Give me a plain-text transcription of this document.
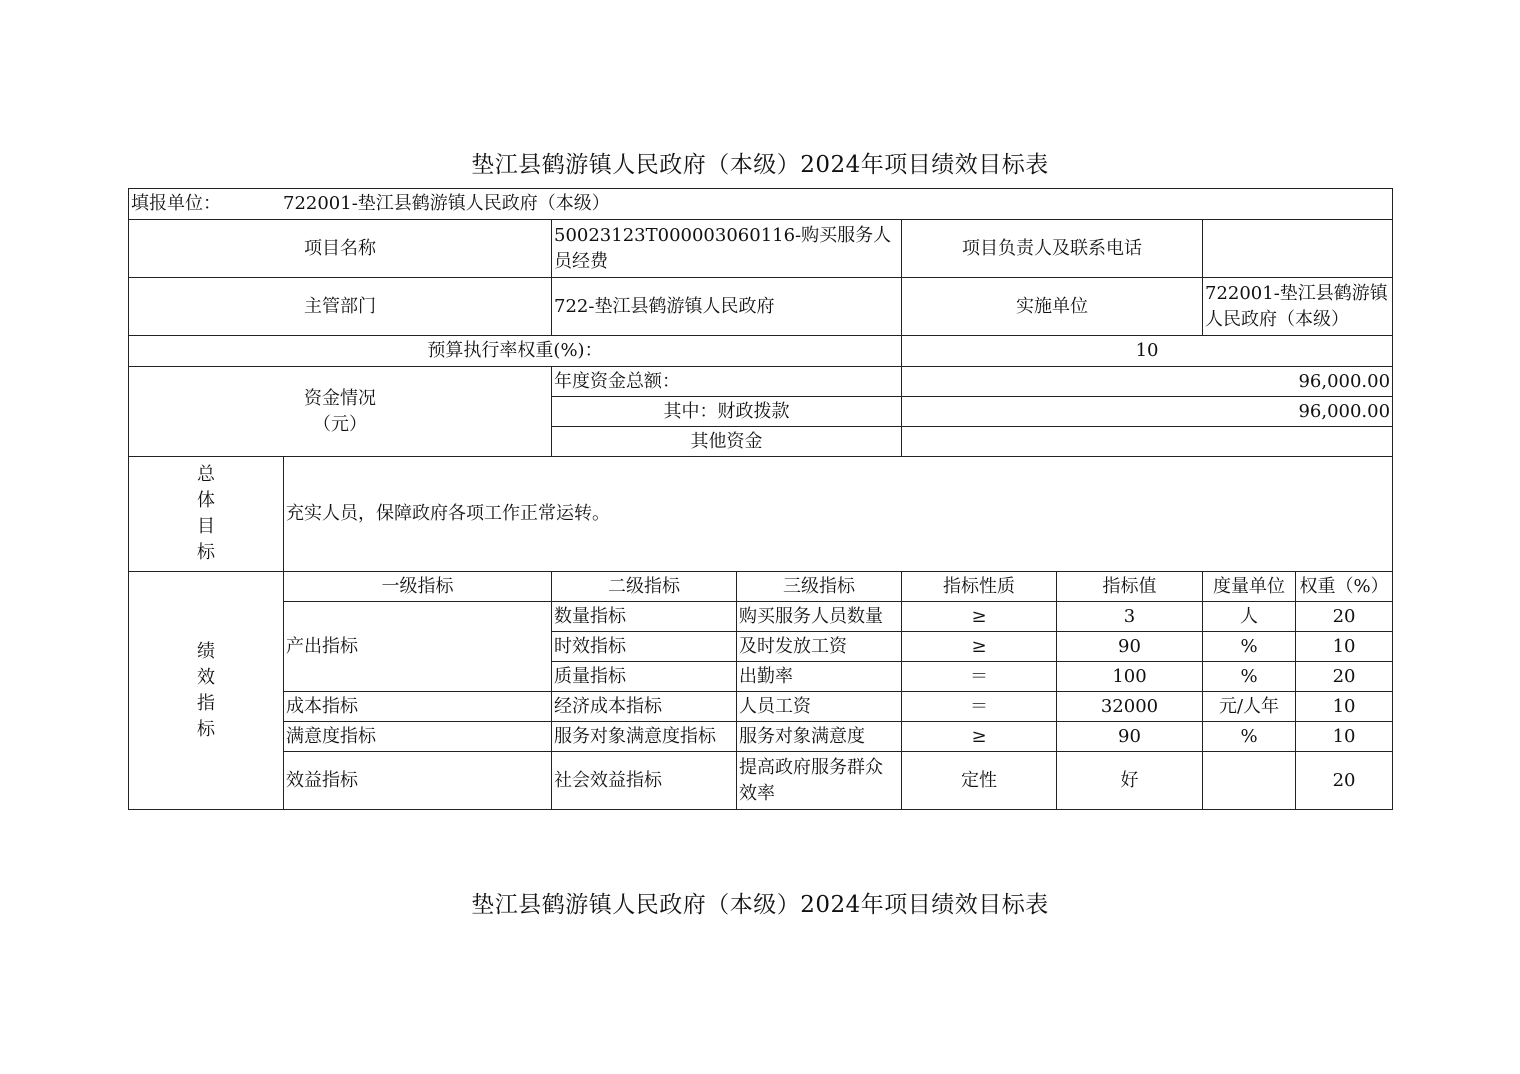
垫江县鹤游镇人民政府（本级）2024年项目绩效目标表
填报单位： 722001-垫江县鹤游镇人民政府（本级）							
项目名称		50023123T000003060116-购买服务人员经费		项目负责人及联系电话			
主管部门		722-垫江县鹤游镇人民政府		实施单位		722001-垫江县鹤游镇人民政府（本级）	
预算执行率权重(%)：				10			

资金情况
（元）		年度资金总额：		96,000.00			
		其中：财政拨款		96,000.00			
		其他资金					

总
体
目
标	充实人员，保障政府各项工作正常运转。						

绩
效
指
标	一级指标	二级指标	三级指标	指标性质	指标值	度量单位	权重（%）
	产出指标	数量指标	购买服务人员数量	≥	3	人	20
		时效指标	及时发放工资	≥	90	%	10
		质量指标	出勤率	＝	100	%	20
	成本指标	经济成本指标	人员工资	＝	32000	元/人年	10
	满意度指标	服务对象满意度指标	服务对象满意度	≥	90	%	10
	效益指标	社会效益指标	提高政府服务群众效率	定性	好		20
垫江县鹤游镇人民政府（本级）2024年项目绩效目标表
